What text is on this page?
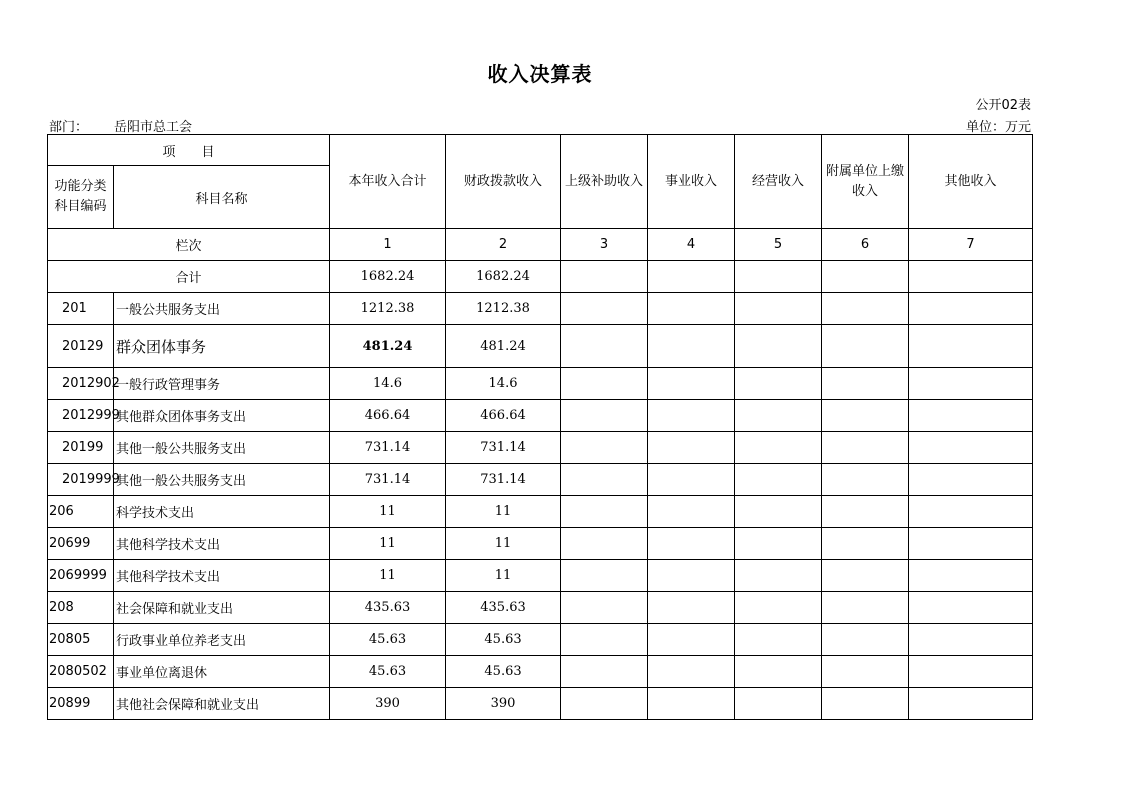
收入决算表
公开02表
部门： 岳阳市总工会	单位：万元
项　　目		本年收入合计	财政拨款收入	上级补助收入	事业收入	经营收入	附属单位上缴收入	其他收入
功能分类科目编码	科目名称							
栏次		1	2	3	4	5	6	7
合计		1682.24	1682.24					
201	一般公共服务支出	1212.38	1212.38					
20129	群众团体事务	481.24	481.24					
2012902	一般行政管理事务	14.6	14.6					
2012999	其他群众团体事务支出	466.64	466.64					
20199	其他一般公共服务支出	731.14	731.14					
2019999	其他一般公共服务支出	731.14	731.14					
206	科学技术支出	11	11					
20699	其他科学技术支出	11	11					
2069999	其他科学技术支出	11	11					
208	社会保障和就业支出	435.63	435.63					
20805	行政事业单位养老支出	45.63	45.63					
2080502	事业单位离退休	45.63	45.63					
20899	其他社会保障和就业支出	390	390					
